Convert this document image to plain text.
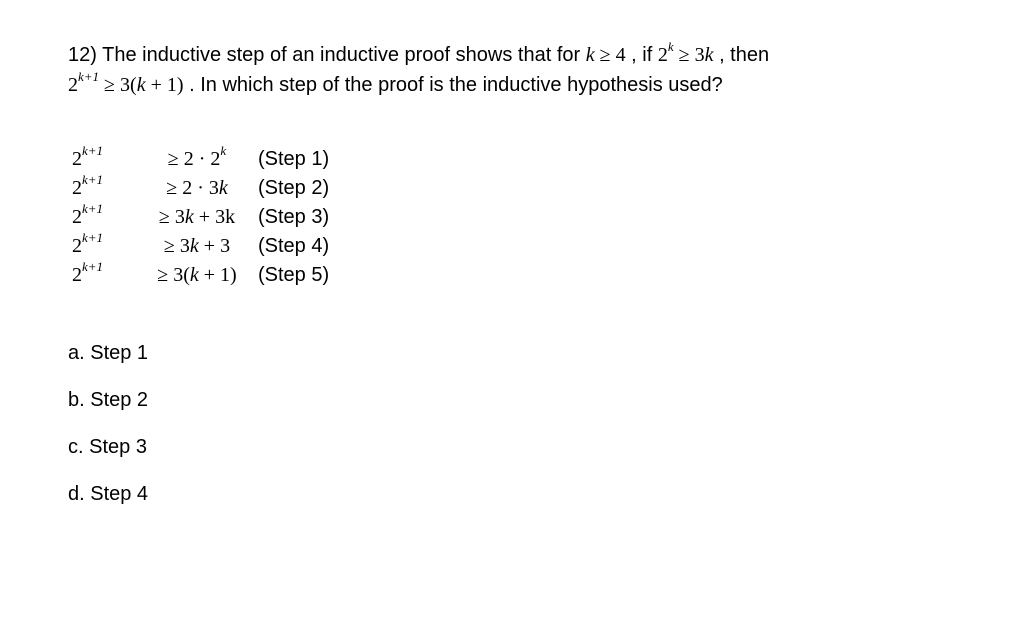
12) The inductive step of an inductive proof shows that for k ≥ 4 , if $2^k \ge 3k$ , then
$2^{k+1} \ge 3(k + 1)$ . In which step of the proof is the inductive hypothesis used?

$2^{k+1}$	≥ $2 \cdot 2^k$	(Step 1)
$2^{k+1}$	≥ 2 · 3k	(Step 2)
$2^{k+1}$	≥ 3k + 3k	(Step 3)
$2^{k+1}$	≥ 3k + 3	(Step 4)
$2^{k+1}$	≥ 3(k + 1)	(Step 5)
a. Step 1
b. Step 2
c. Step 3
d. Step 4
